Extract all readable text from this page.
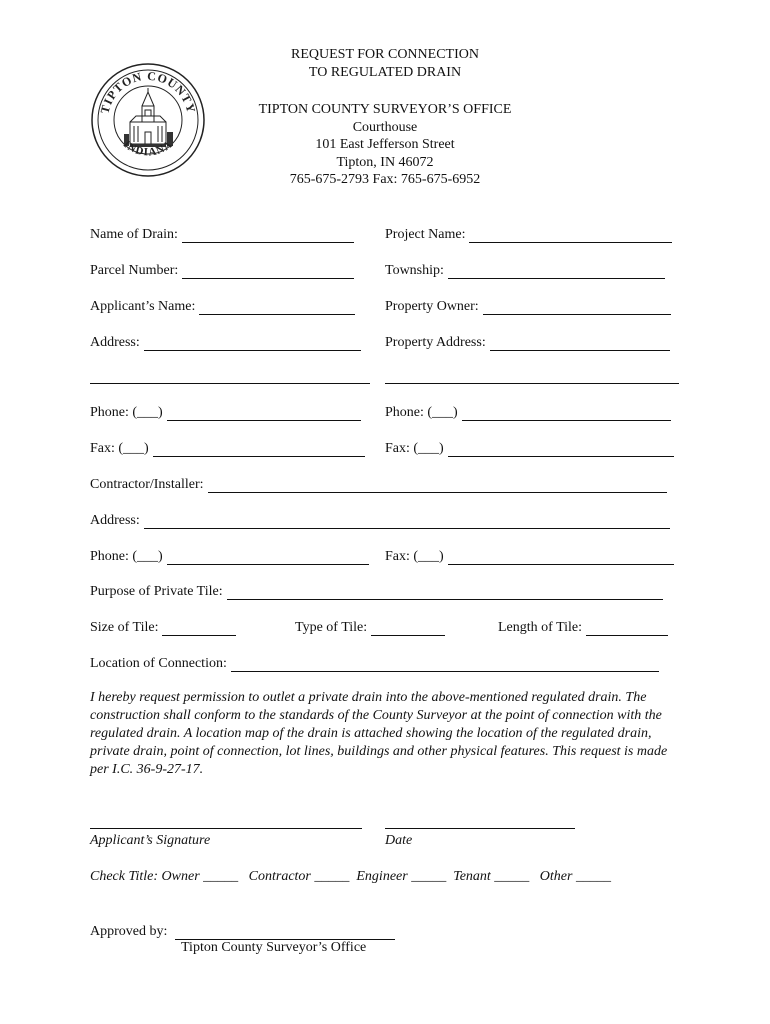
TIPTON COUNTY
INDIANA
REQUEST FOR CONNECTION
TO REGULATED DRAIN
TIPTON COUNTY SURVEYOR’S OFFICE
Courthouse
101 East Jefferson Street
Tipton, IN 46072
765-675-2793 Fax: 765-675-6952
Name of Drain:	Project Name:
Parcel Number:	Township:
Applicant’s Name:	Property Owner:
Address:	Property Address:
Phone: (___)	Phone: (___)
Fax: (___)	Fax: (___)
Contractor/Installer:
Address:
Phone: (___)	Fax: (___)
Purpose of Private Tile:
Size of Tile:	Type of Tile:	Length of Tile:
Location of Connection:
I hereby request permission to outlet a private drain into the above-mentioned regulated drain. The construction shall conform to the standards of the County Surveyor at the point of connection with the regulated drain. A location map of the drain is attached showing the location of the regulated drain, private drain, point of connection, lot lines, buildings and other physical features. This request is made per I.C. 36-9-27-17.
Applicant’s Signature	Date
Check Title: Owner _____   Contractor _____  Engineer _____  Tenant _____   Other _____
Approved by:
Tipton County Surveyor’s Office
